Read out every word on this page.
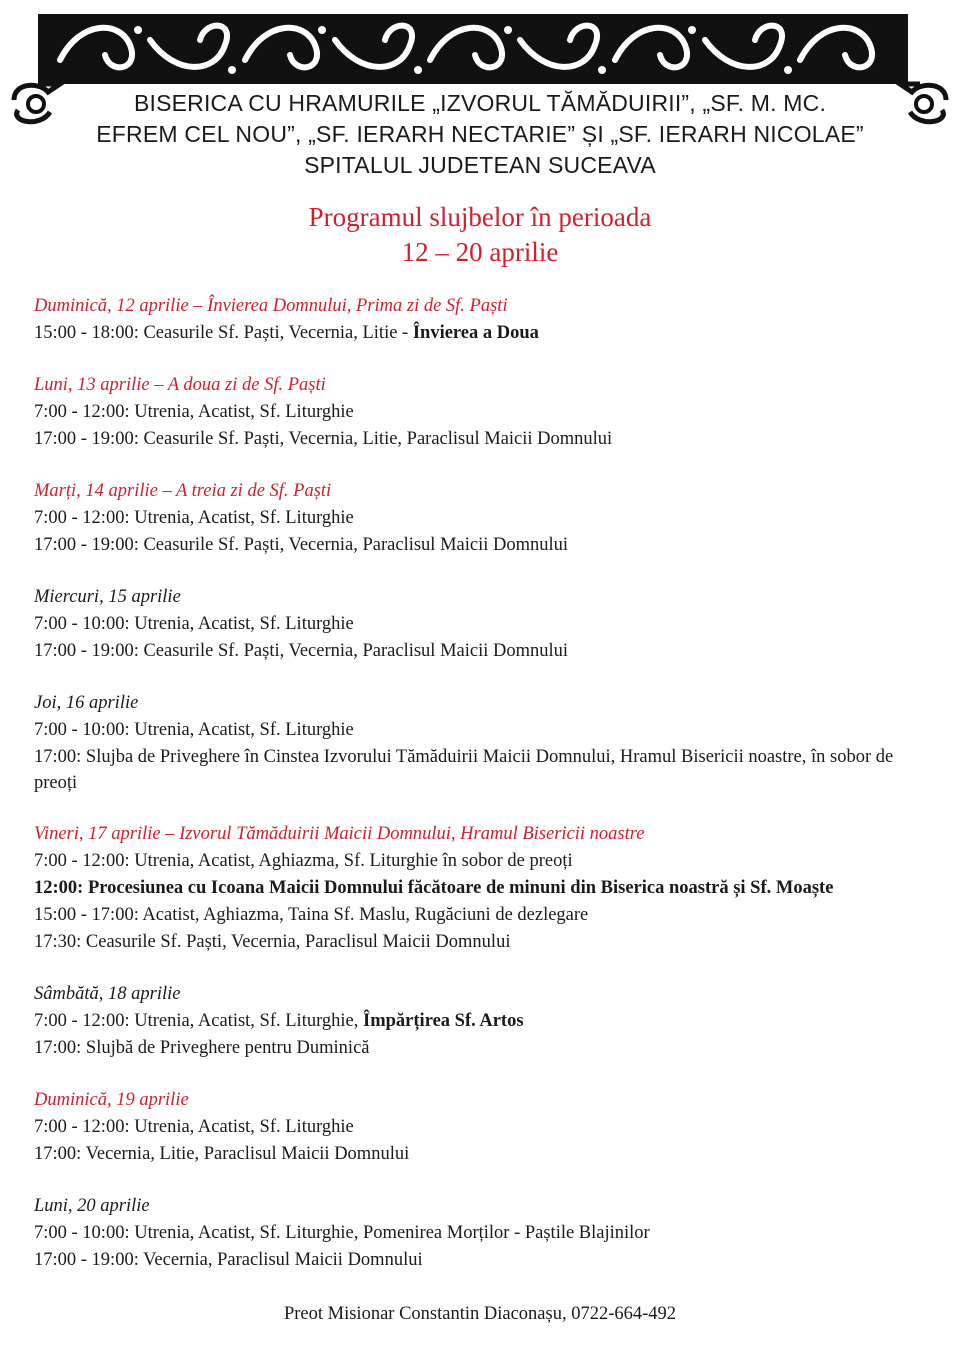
BISERICA CU HRAMURILE „IZVORUL TĂMĂDUIRII”, „SF. M. MC.
EFREM CEL NOU”, „SF. IERARH NECTARIE” ȘI „SF. IERARH NICOLAE”
SPITALUL JUDETEAN SUCEAVA
Programul slujbelor în perioada
12 – 20 aprilie
Duminică, 12 aprilie – Învierea Domnului, Prima zi de Sf. Paști
15:00 - 18:00: Ceasurile Sf. Paști, Vecernia, Litie - Învierea a Doua
Luni, 13 aprilie – A doua zi de Sf. Paști
7:00 - 12:00: Utrenia, Acatist, Sf. Liturghie
17:00 - 19:00: Ceasurile Sf. Paști, Vecernia, Litie, Paraclisul Maicii Domnului
Marți, 14 aprilie – A treia zi de Sf. Paști
7:00 - 12:00: Utrenia, Acatist, Sf. Liturghie
17:00 - 19:00: Ceasurile Sf. Paști, Vecernia, Paraclisul Maicii Domnului
Miercuri, 15 aprilie
7:00 - 10:00: Utrenia, Acatist, Sf. Liturghie
17:00 - 19:00: Ceasurile Sf. Paști, Vecernia, Paraclisul Maicii Domnului
Joi, 16 aprilie
7:00 - 10:00: Utrenia, Acatist, Sf. Liturghie
17:00: Slujba de Priveghere în Cinstea Izvorului Tămăduirii Maicii Domnului, Hramul Bisericii noastre, în sobor de preoți
Vineri, 17 aprilie – Izvorul Tămăduirii Maicii Domnului, Hramul Bisericii noastre
7:00 - 12:00: Utrenia, Acatist, Aghiazma, Sf. Liturghie în sobor de preoți
12:00: Procesiunea cu Icoana Maicii Domnului făcătoare de minuni din Biserica noastră și Sf. Moaște
15:00 - 17:00: Acatist, Aghiazma, Taina Sf. Maslu, Rugăciuni de dezlegare
17:30: Ceasurile Sf. Paști, Vecernia, Paraclisul Maicii Domnului
Sâmbătă, 18 aprilie
7:00 - 12:00: Utrenia, Acatist, Sf. Liturghie, Împărțirea Sf. Artos
17:00: Slujbă de Priveghere pentru Duminică
Duminică, 19 aprilie
7:00 - 12:00: Utrenia, Acatist, Sf. Liturghie
17:00: Vecernia, Litie, Paraclisul Maicii Domnului
Luni, 20 aprilie
7:00 - 10:00: Utrenia, Acatist, Sf. Liturghie, Pomenirea Morților - Paștile Blajinilor
17:00 - 19:00: Vecernia, Paraclisul Maicii Domnului
Preot Misionar Constantin Diaconașu, 0722-664-492
